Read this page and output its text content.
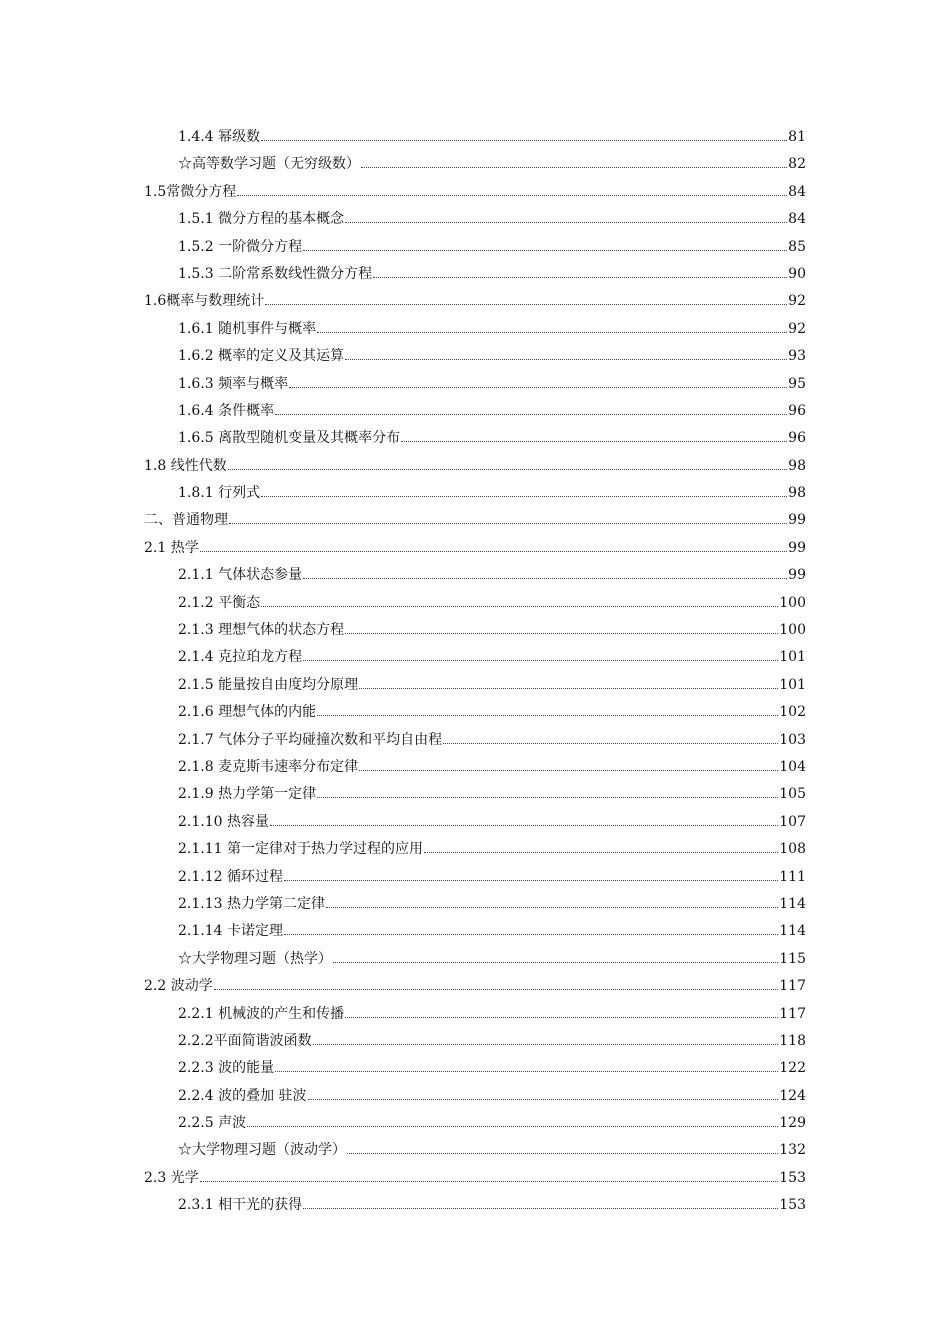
1.4.4 幂级数	81
☆高等数学习题（无穷级数）	82
1.5常微分方程	84
1.5.1 微分方程的基本概念	84
1.5.2 一阶微分方程	85
1.5.3 二阶常系数线性微分方程	90
1.6概率与数理统计	92
1.6.1 随机事件与概率	92
1.6.2 概率的定义及其运算	93
1.6.3 频率与概率	95
1.6.4 条件概率	96
1.6.5 离散型随机变量及其概率分布	96
1.8 线性代数	98
1.8.1 行列式	98
二、普通物理	99
2.1 热学	99
2.1.1 气体状态参量	99
2.1.2 平衡态	100
2.1.3 理想气体的状态方程	100
2.1.4 克拉珀龙方程	101
2.1.5 能量按自由度均分原理	101
2.1.6 理想气体的内能	102
2.1.7 气体分子平均碰撞次数和平均自由程	103
2.1.8 麦克斯韦速率分布定律	104
2.1.9 热力学第一定律	105
2.1.10 热容量	107
2.1.11 第一定律对于热力学过程的应用	108
2.1.12 循环过程	111
2.1.13 热力学第二定律	114
2.1.14 卡诺定理	114
☆大学物理习题（热学）	115
2.2 波动学	117
2.2.1 机械波的产生和传播	117
2.2.2平面简谐波函数	118
2.2.3 波的能量	122
2.2.4 波的叠加 驻波	124
2.2.5 声波	129
☆大学物理习题（波动学）	132
2.3 光学	153
2.3.1 相干光的获得	153
